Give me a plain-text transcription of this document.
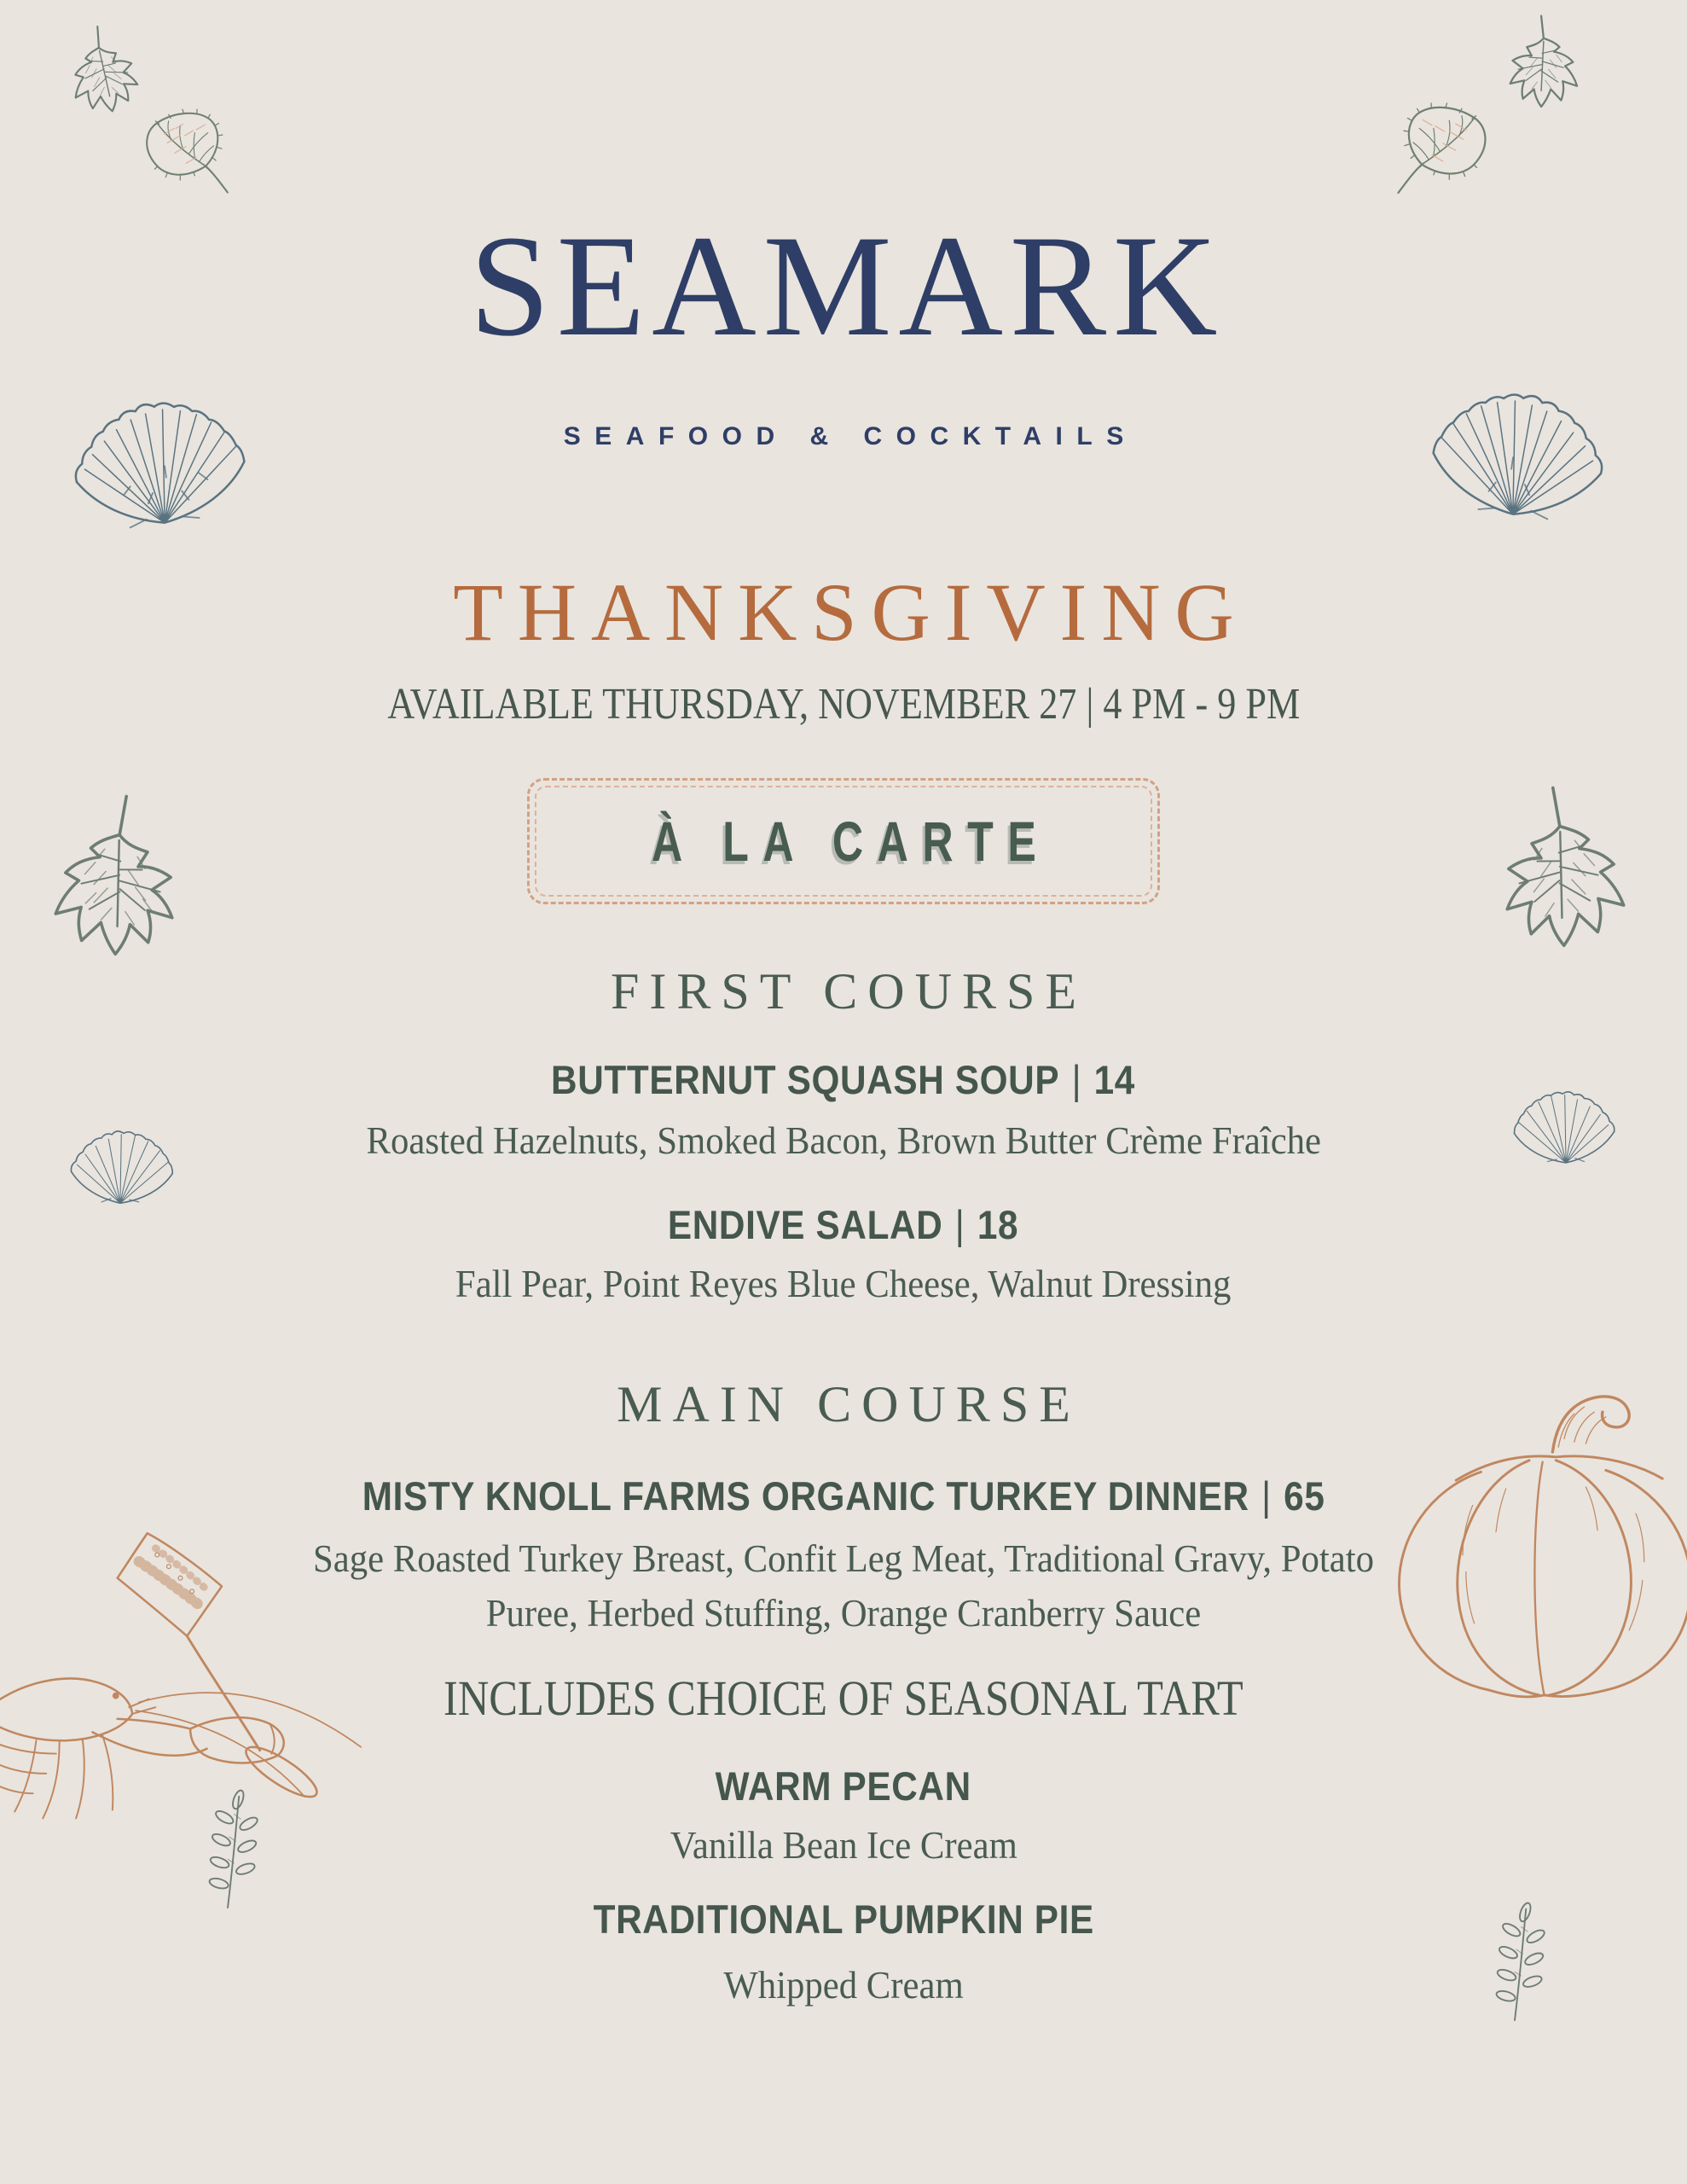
SEAMARK
SEAFOOD & COCKTAILS
THANKSGIVING
AVAILABLE THURSDAY, NOVEMBER 27 | 4 PM - 9 PM
À LA CARTE
FIRST COURSE
BUTTERNUT SQUASH SOUP | 14
Roasted Hazelnuts, Smoked Bacon, Brown Butter Crème Fraîche
ENDIVE SALAD | 18
Fall Pear, Point Reyes Blue Cheese, Walnut Dressing
MAIN COURSE
MISTY KNOLL FARMS ORGANIC TURKEY DINNER | 65
Sage Roasted Turkey Breast, Confit Leg Meat, Traditional Gravy, Potato Puree, Herbed Stuffing, Orange Cranberry Sauce
INCLUDES CHOICE OF SEASONAL TART
WARM PECAN
Vanilla Bean Ice Cream
TRADITIONAL PUMPKIN PIE
Whipped Cream
